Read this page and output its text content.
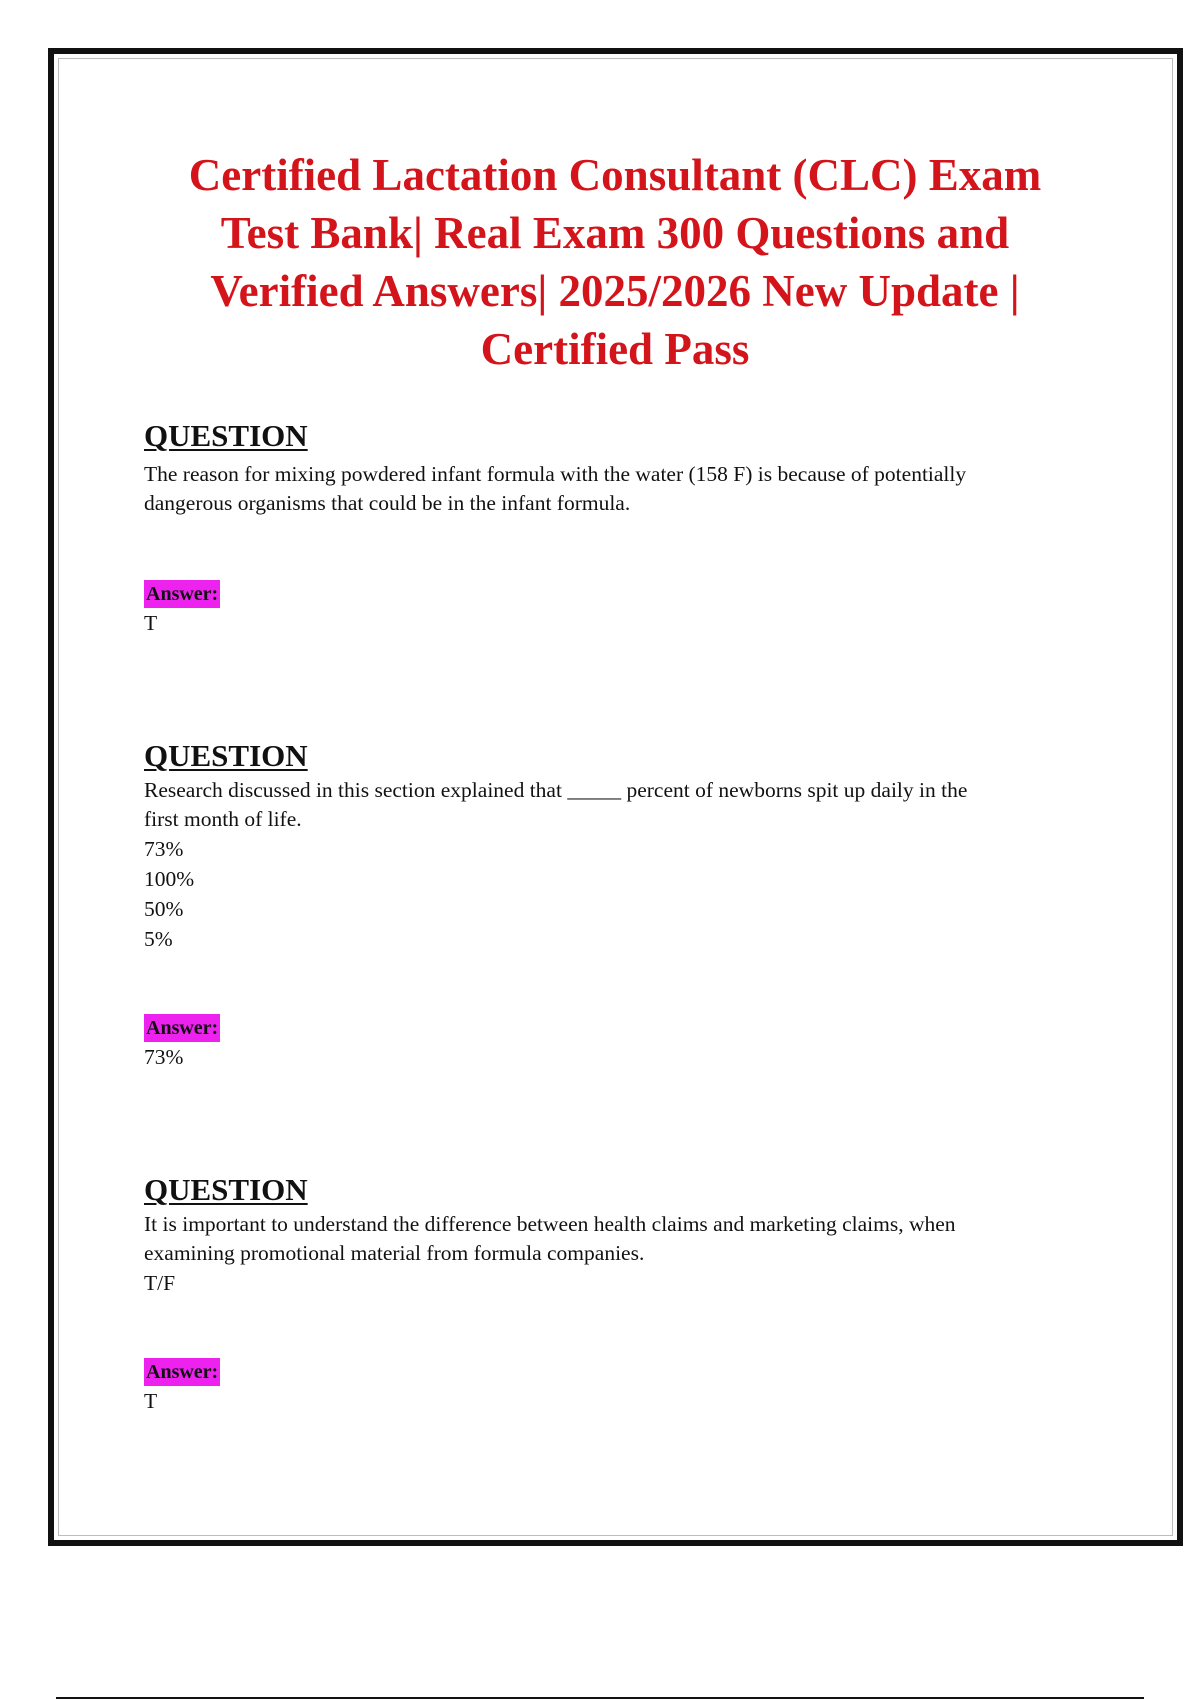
Certified Lactation Consultant (CLC) Exam
Test Bank| Real Exam 300 Questions and
Verified Answers| 2025/2026 New Update |
Certified Pass

QUESTION

The reason for mixing powdered infant formula with the water (158 F) is because of potentially

dangerous organisms that could be in the infant formula.

Answer:

T

QUESTION

Research discussed in this section explained that _____ percent of newborns spit up daily in the

first month of life.

73%

100%

50%

5%

Answer:

73%

QUESTION

It is important to understand the difference between health claims and marketing claims, when

examining promotional material from formula companies.

T/F

Answer:

T
